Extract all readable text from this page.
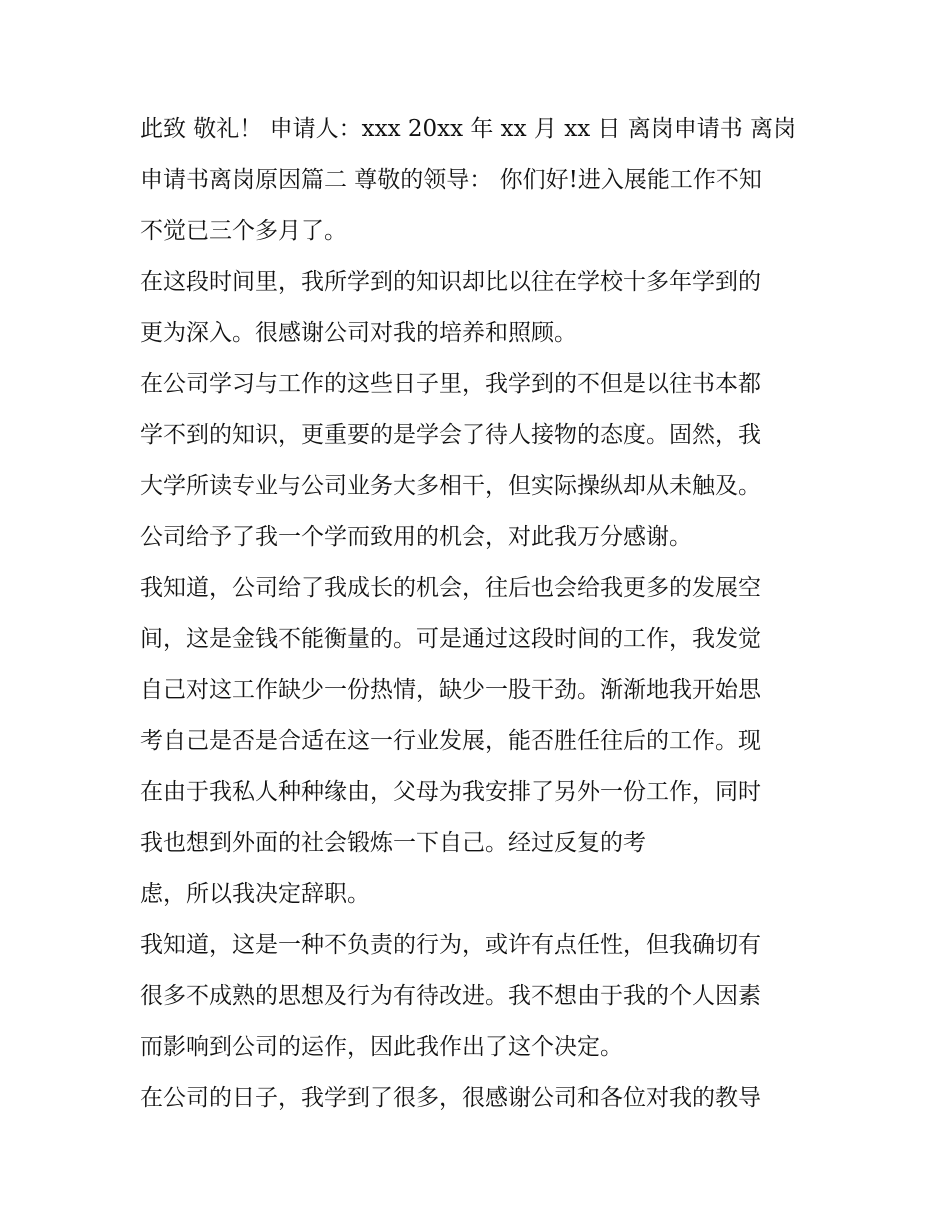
此致 敬礼！ 申请人：xxx 20xx 年 xx 月 xx 日 离岗申请书 离岗
申请书离岗原因篇二 尊敬的领导： 你们好!进入展能工作不知
不觉已三个多月了。
在这段时间里，我所学到的知识却比以往在学校十多年学到的
更为深入。很感谢公司对我的培养和照顾。
在公司学习与工作的这些日子里，我学到的不但是以往书本都
学不到的知识，更重要的是学会了待人接物的态度。固然，我
大学所读专业与公司业务大多相干，但实际操纵却从未触及。
公司给予了我一个学而致用的机会，对此我万分感谢。
我知道，公司给了我成长的机会，往后也会给我更多的发展空
间，这是金钱不能衡量的。可是通过这段时间的工作，我发觉
自己对这工作缺少一份热情，缺少一股干劲。渐渐地我开始思
考自己是否是合适在这一行业发展，能否胜任往后的工作。现
在由于我私人种种缘由，父母为我安排了另外一份工作，同时
我也想到外面的社会锻炼一下自己。经过反复的考
虑，所以我决定辞职。
我知道，这是一种不负责的行为，或许有点任性，但我确切有
很多不成熟的思想及行为有待改进。我不想由于我的个人因素
而影响到公司的运作，因此我作出了这个决定。
在公司的日子，我学到了很多，很感谢公司和各位对我的教导
